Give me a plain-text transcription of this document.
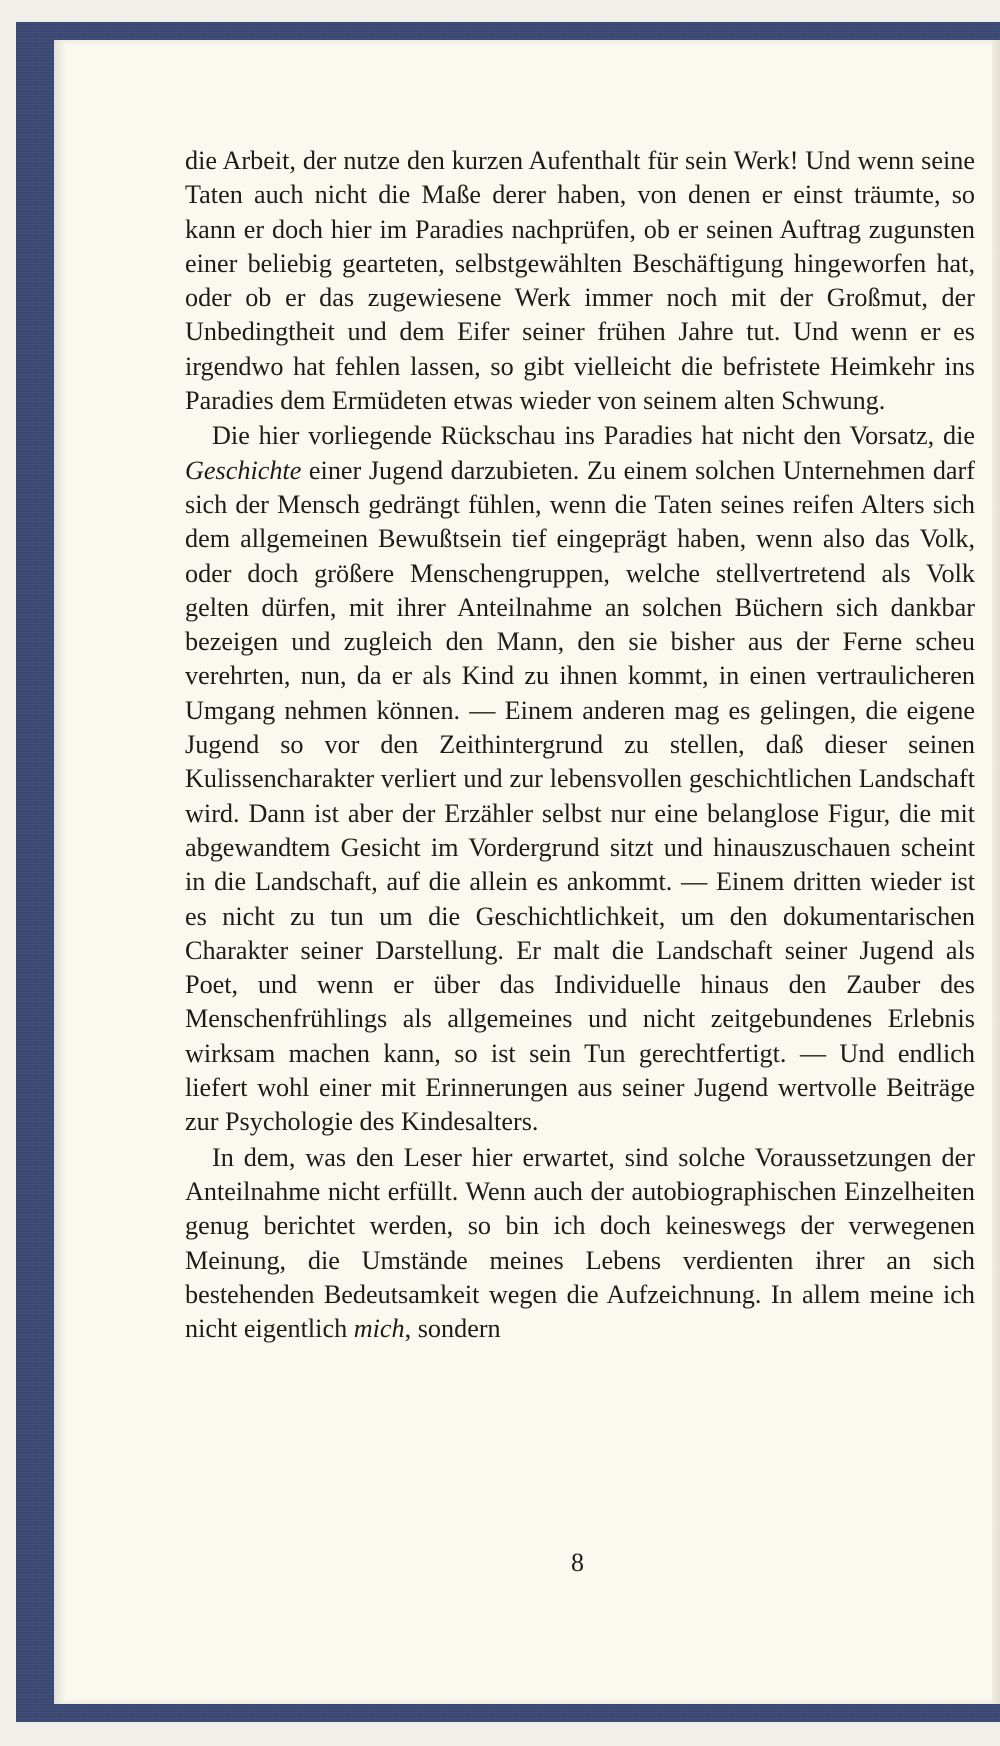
die Arbeit, der nutze den kurzen Aufenthalt für sein Werk! Und wenn seine Taten auch nicht die Maße derer haben, von denen er einst träumte, so kann er doch hier im Paradies nachprüfen, ob er seinen Auftrag zugunsten einer beliebig gearteten, selbstgewählten Beschäftigung hingeworfen hat, oder ob er das zugewiesene Werk immer noch mit der Großmut, der Unbedingtheit und dem Eifer seiner frühen Jahre tut. Und wenn er es irgendwo hat fehlen lassen, so gibt vielleicht die befristete Heimkehr ins Paradies dem Ermüdeten etwas wieder von seinem alten Schwung.

Die hier vorliegende Rückschau ins Paradies hat nicht den Vorsatz, die Geschichte einer Jugend darzubieten. Zu einem solchen Unternehmen darf sich der Mensch gedrängt fühlen, wenn die Taten seines reifen Alters sich dem allgemeinen Bewußtsein tief eingeprägt haben, wenn also das Volk, oder doch größere Menschengruppen, welche stellvertretend als Volk gelten dürfen, mit ihrer Anteilnahme an solchen Büchern sich dankbar bezeigen und zugleich den Mann, den sie bisher aus der Ferne scheu verehrten, nun, da er als Kind zu ihnen kommt, in einen vertraulicheren Umgang nehmen können. — Einem anderen mag es gelingen, die eigene Jugend so vor den Zeithintergrund zu stellen, daß dieser seinen Kulissencharakter verliert und zur lebensvollen geschichtlichen Landschaft wird. Dann ist aber der Erzähler selbst nur eine belanglose Figur, die mit abgewandtem Gesicht im Vordergrund sitzt und hinauszuschauen scheint in die Landschaft, auf die allein es ankommt. — Einem dritten wieder ist es nicht zu tun um die Geschichtlichkeit, um den dokumentarischen Charakter seiner Darstellung. Er malt die Landschaft seiner Jugend als Poet, und wenn er über das Individuelle hinaus den Zauber des Menschenfrühlings als allgemeines und nicht zeitgebundenes Erlebnis wirksam machen kann, so ist sein Tun gerechtfertigt. — Und endlich liefert wohl einer mit Erinnerungen aus seiner Jugend wertvolle Beiträge zur Psychologie des Kindesalters.

In dem, was den Leser hier erwartet, sind solche Voraussetzungen der Anteilnahme nicht erfüllt. Wenn auch der autobiographischen Einzelheiten genug berichtet werden, so bin ich doch keineswegs der verwegenen Meinung, die Umstände meines Lebens verdienten ihrer an sich bestehenden Bedeutsamkeit wegen die Aufzeichnung. In allem meine ich nicht eigentlich mich, sondern

8
